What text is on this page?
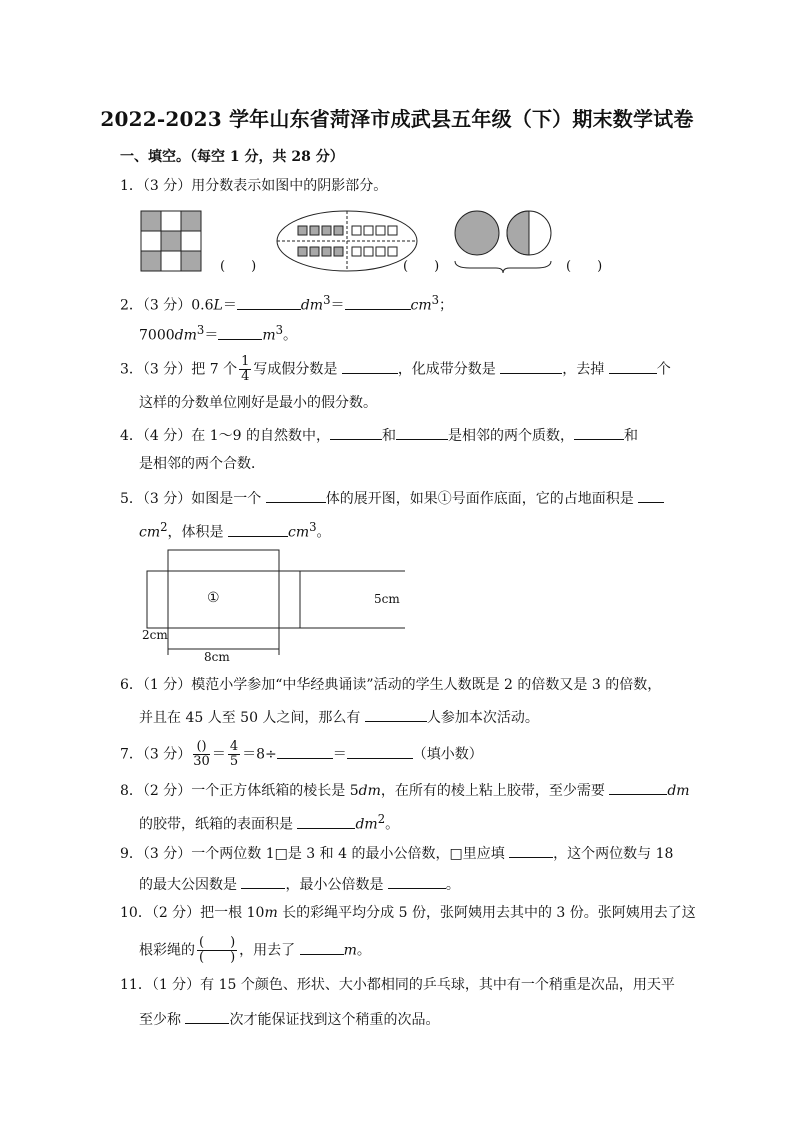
2022-2023 学年山东省菏泽市成武县五年级（下）期末数学试卷
一、填空。（每空 1 分，共 28 分）
1．（3 分）用分数表示如图中的阴影部分。
(　　)	(　　)	(　　)
2．（3 分）0.6L＝	$dm^3=$	$cm^3$；
$7000dm^3=$	$m^3$。
3．（3 分）把 7 个 $\frac{1}{4}$ 写成假分数是	，化成带分数是	，去掉	个
这样的分数单位刚好是最小的假分数。
4．（4 分）在 1～9 的自然数中，	和	是相邻的两个质数，	和
是相邻的两个合数．
5．（3 分）如图是一个	体的展开图，如果①号面作底面，它的占地面积是
$cm^2$，体积是	$cm^3$。
①	5cm
2cm
8cm
6．（1 分）模范小学参加“中华经典诵读”活动的学生人数既是 2 的倍数又是 3 的倍数，
并且在 45 人至 50 人之间，那么有	人参加本次活动。
7．（3 分） $\frac{()}{30} = \frac{4}{5} =8\div$	＝	（填小数）
8．（2 分）一个正方体纸箱的棱长是 5dm，在所有的棱上粘上胶带，至少需要	dm
的胶带，纸箱的表面积是	$dm^2$。
9．（3 分）一个两位数 1□是 3 和 4 的最小公倍数，□里应填	，这个两位数与 18
的最大公因数是	，最小公倍数是	。
10．（2 分）把一根 10m 长的彩绳平均分成 5 份，张阿姨用去其中的 3 份。张阿姨用去了这
根彩绳的 $\frac{( )}{( )}$ ，用去了	m。
11．（1 分）有 15 个颜色、形状、大小都相同的乒乓球，其中有一个稍重是次品，用天平
至少称	次才能保证找到这个稍重的次品。
